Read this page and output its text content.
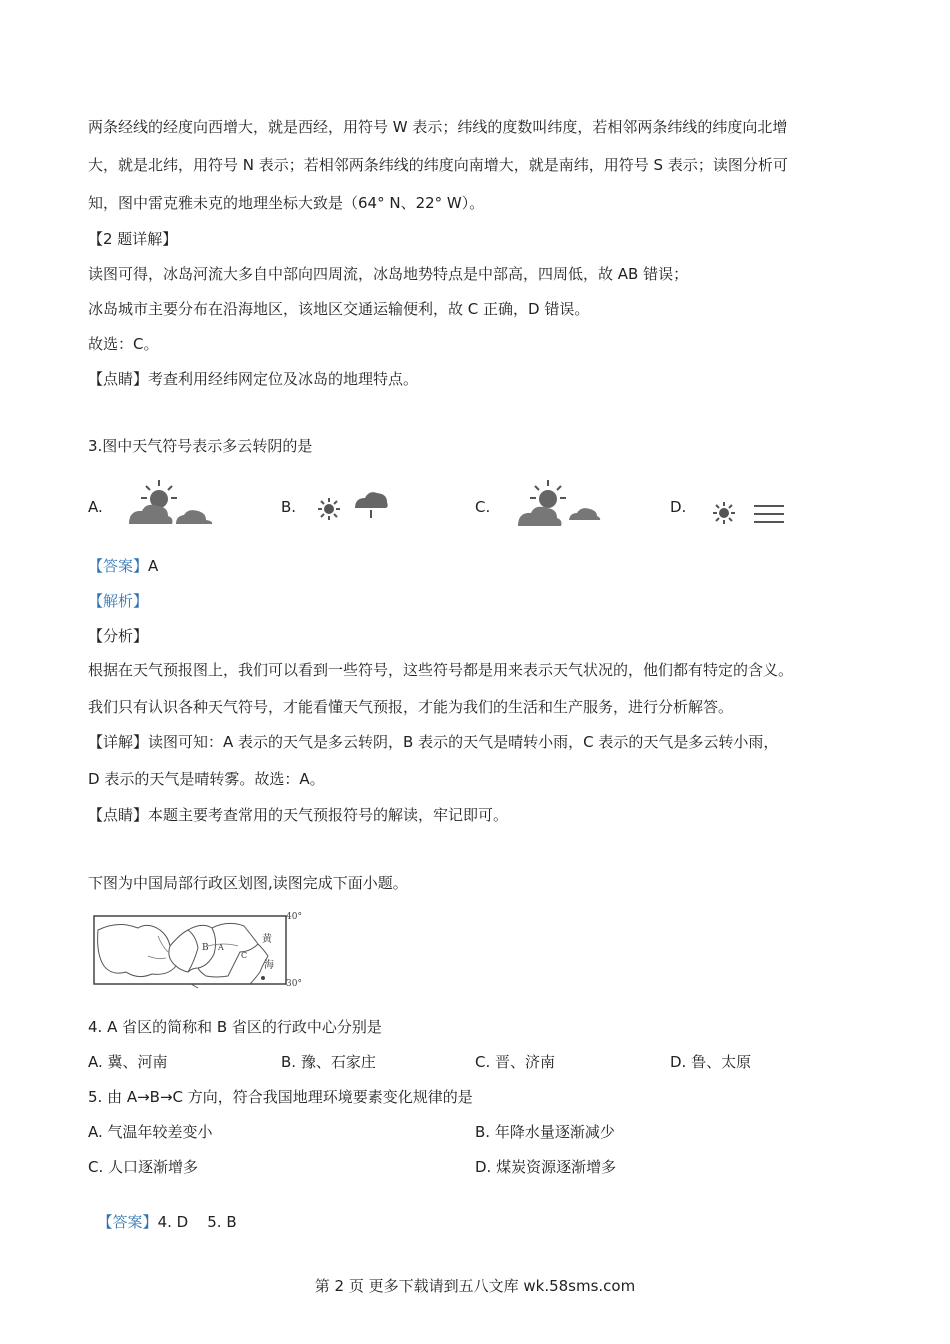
两条经线的经度向西增大，就是西经，用符号 W 表示；纬线的度数叫纬度，若相邻两条纬线的纬度向北增
大，就是北纬，用符号 N 表示；若相邻两条纬线的纬度向南增大，就是南纬，用符号 S 表示；读图分析可
知，图中雷克雅未克的地理坐标大致是（64° N、22° W）。
【2 题详解】
读图可得，冰岛河流大多自中部向四周流，冰岛地势特点是中部高，四周低，故 AB 错误；
冰岛城市主要分布在沿海地区，该地区交通运输便利，故 C 正确，D 错误。
故选：C。
【点睛】考查利用经纬网定位及冰岛的地理特点。
3.图中天气符号表示多云转阴的是
A.	B.	C.	D.
【答案】A
【解析】
【分析】
根据在天气预报图上，我们可以看到一些符号，这些符号都是用来表示天气状况的，他们都有特定的含义。
我们只有认识各种天气符号，才能看懂天气预报，才能为我们的生活和生产服务，进行分析解答。
【详解】读图可知：A 表示的天气是多云转阴，B 表示的天气是晴转小雨，C 表示的天气是多云转小雨，
D 表示的天气是晴转雾。故选：A。
【点睛】本题主要考查常用的天气预报符号的解读，牢记即可。
下图为中国局部行政区划图,读图完成下面小题。
40°
30°
B A
C
黄
海
4. A 省区的简称和 B 省区的行政中心分别是
A. 冀、河南	B. 豫、石家庄	C. 晋、济南	D. 鲁、太原
5. 由 A→B→C 方向，符合我国地理环境要素变化规律的是
A. 气温年较差变小	B. 年降水量逐渐减少
C. 人口逐渐增多	D. 煤炭资源逐渐增多

【答案】4. D    5. B

第 2 页 更多下载请到五八文库 wk.58sms.com
